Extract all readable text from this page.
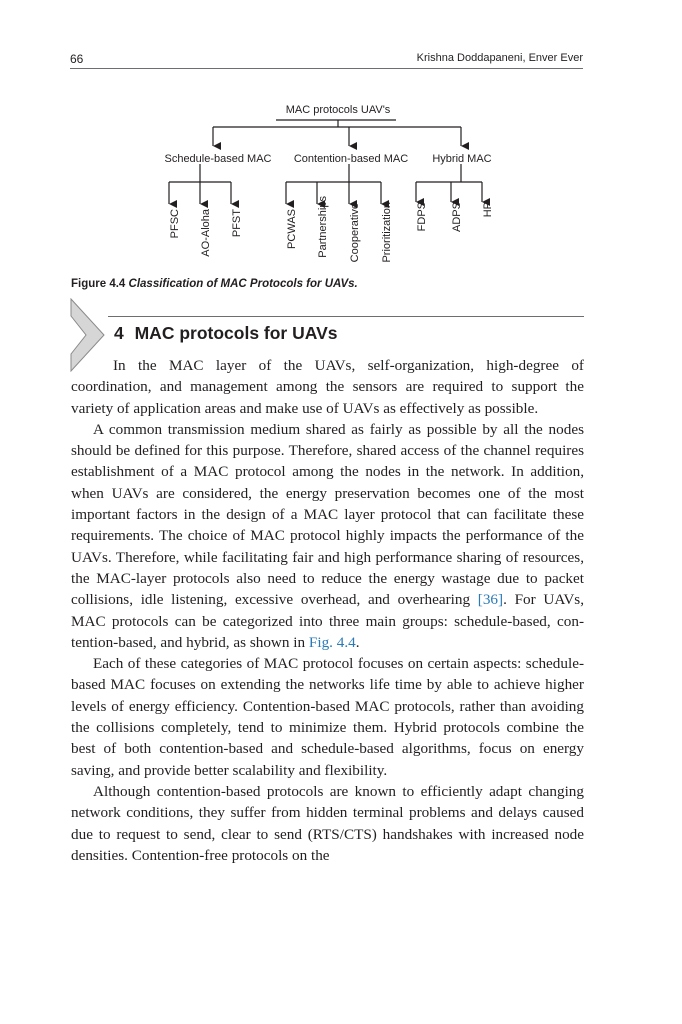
66	Krishna Doddapaneni, Enver Ever
MAC protocols UAV's
Schedule-based MAC Contention-based MAC Hybrid MAC
PFSC AO-Aloha PFST	PCWAS Partnerships Cooperative Prioritization FDPS ADPS HP
Figure 4.4 Classification of MAC Protocols for UAVs.
4 MAC protocols for UAVs

In the MAC layer of the UAVs, self-organization, high-degree of coordination, and management among the sensors are required to support the variety of application areas and make use of UAVs as effectively as possible.

A common transmission medium shared as fairly as possible by all the nodes should be defined for this purpose. Therefore, shared access of the channel requires establishment of a MAC protocol among the nodes in the network. In addition, when UAVs are considered, the energy preservation becomes one of the most important factors in the design of a MAC layer protocol that can facilitate these requirements. The choice of MAC protocol highly impacts the performance of the UAVs. Therefore, while facilitating fair and high performance sharing of resources, the MAC-layer protocols also need to reduce the energy wastage due to packet collisions, idle listening, excessive overhead, and overhearing [36]. For UAVs, MAC protocols can be categorized into three main groups: schedule-based, contention-based, and hybrid, as shown in Fig. 4.4.

Each of these categories of MAC protocol focuses on certain aspects: schedule-based MAC focuses on extending the networks life time by able to achieve higher levels of energy efficiency. Contention-based MAC protocols, rather than avoiding the collisions completely, tend to minimize them. Hybrid protocols combine the best of both contention-based and schedule-based algorithms, focus on energy saving, and provide better scalability and flexibility.

Although contention-based protocols are known to efficiently adapt changing network conditions, they suffer from hidden terminal problems and delays caused due to request to send, clear to send (RTS/CTS) handshakes with increased node densities. Contention-free protocols on the
